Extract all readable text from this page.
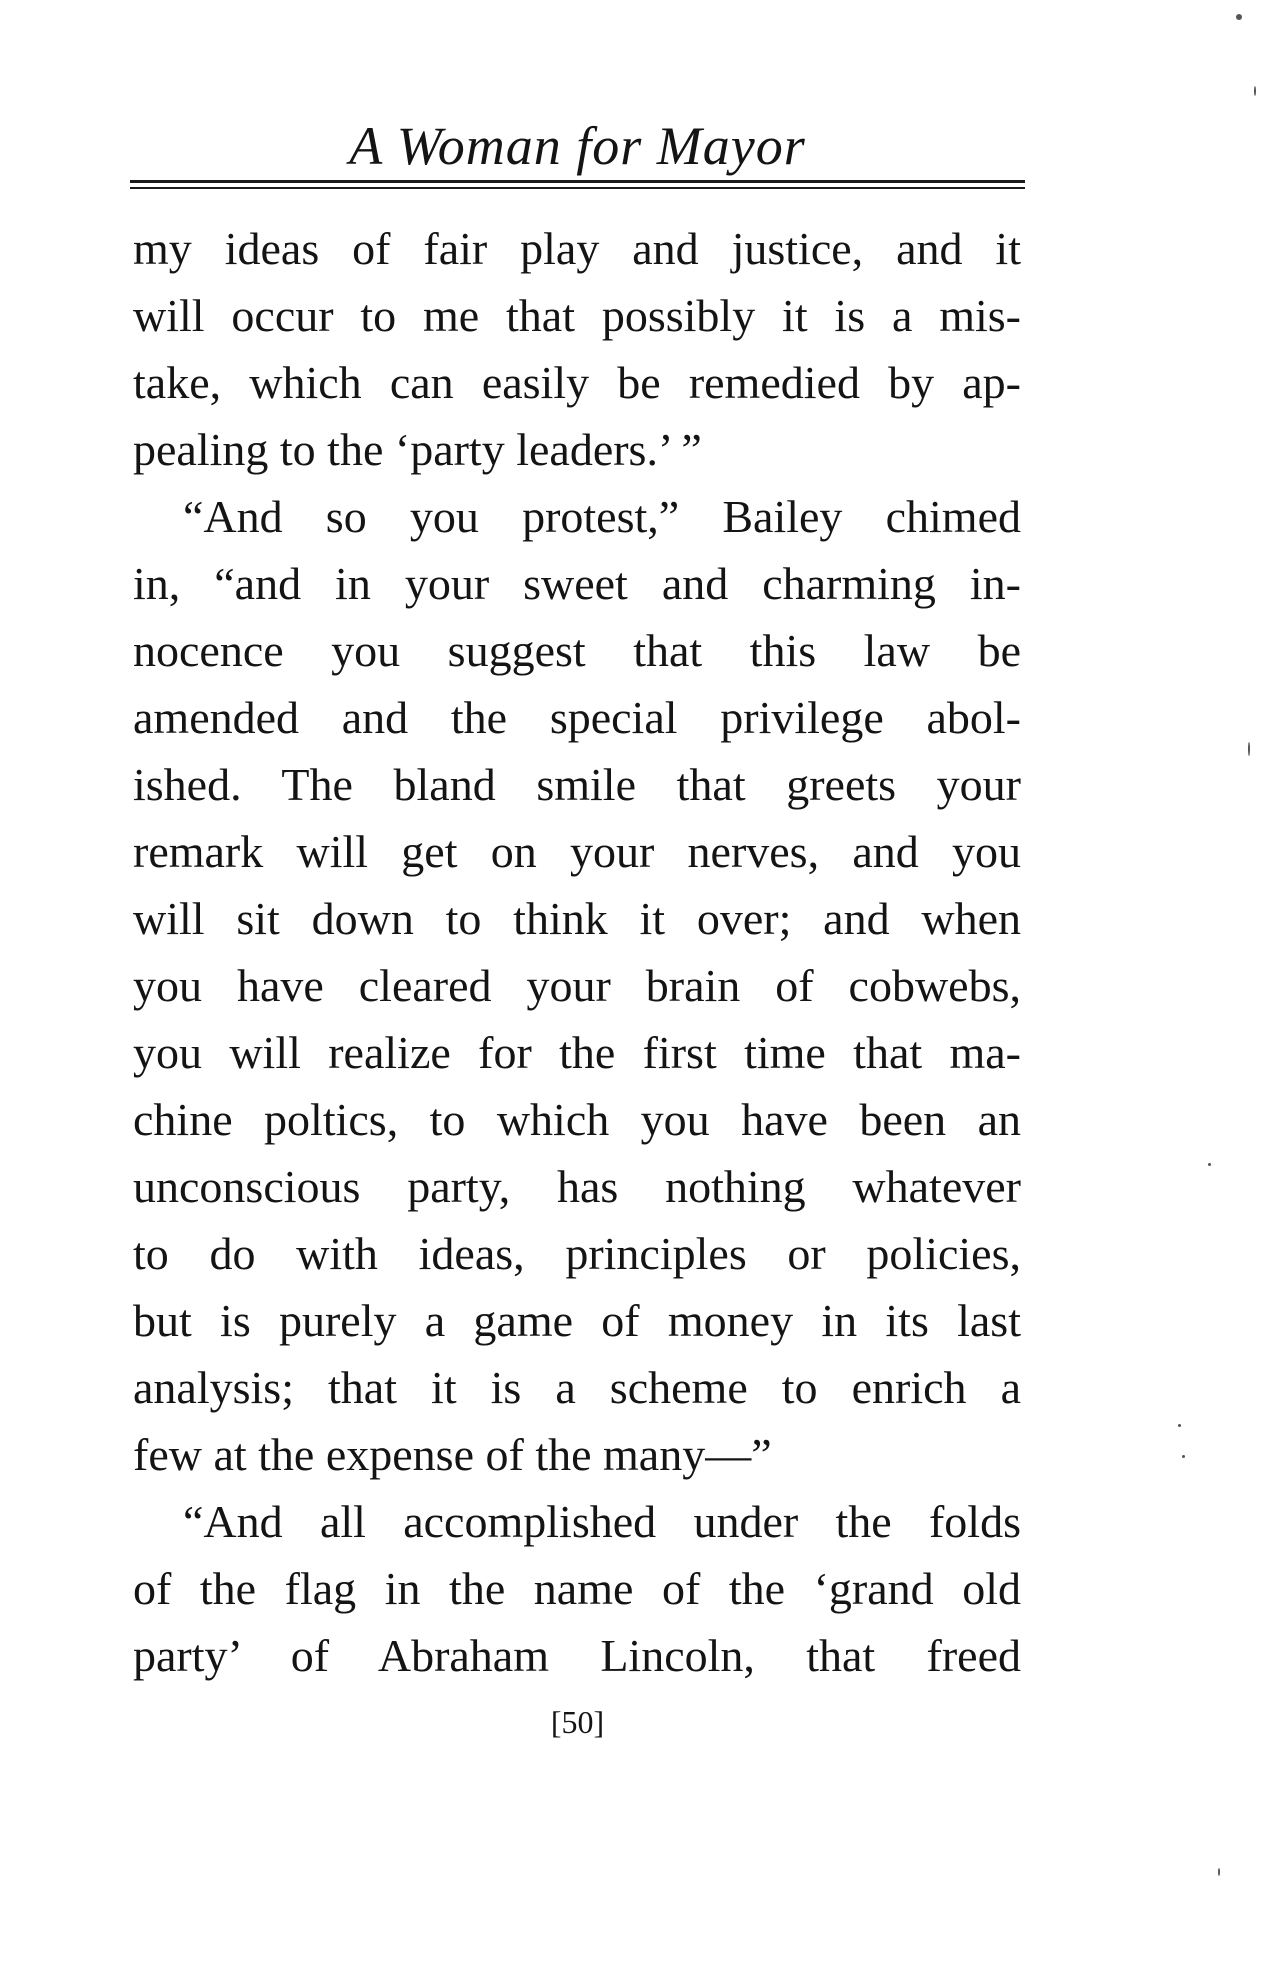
A Woman for Mayor
my ideas of fair play and justice, and it
will occur to me that possibly it is a mis-
take, which can easily be remedied by ap-
pealing to the ‘party leaders.’ ”
“And so you protest,” Bailey chimed
in, “and in your sweet and charming in-
nocence you suggest that this law be
amended and the special privilege abol-
ished. The bland smile that greets your
remark will get on your nerves, and you
will sit down to think it over; and when
you have cleared your brain of cobwebs,
you will realize for the first time that ma-
chine poltics, to which you have been an
unconscious party, has nothing whatever
to do with ideas, principles or policies,
but is purely a game of money in its last
analysis; that it is a scheme to enrich a
few at the expense of the many—”
“And all accomplished under the folds
of the flag in the name of the ‘grand old
party’ of Abraham Lincoln, that freed
[50]
